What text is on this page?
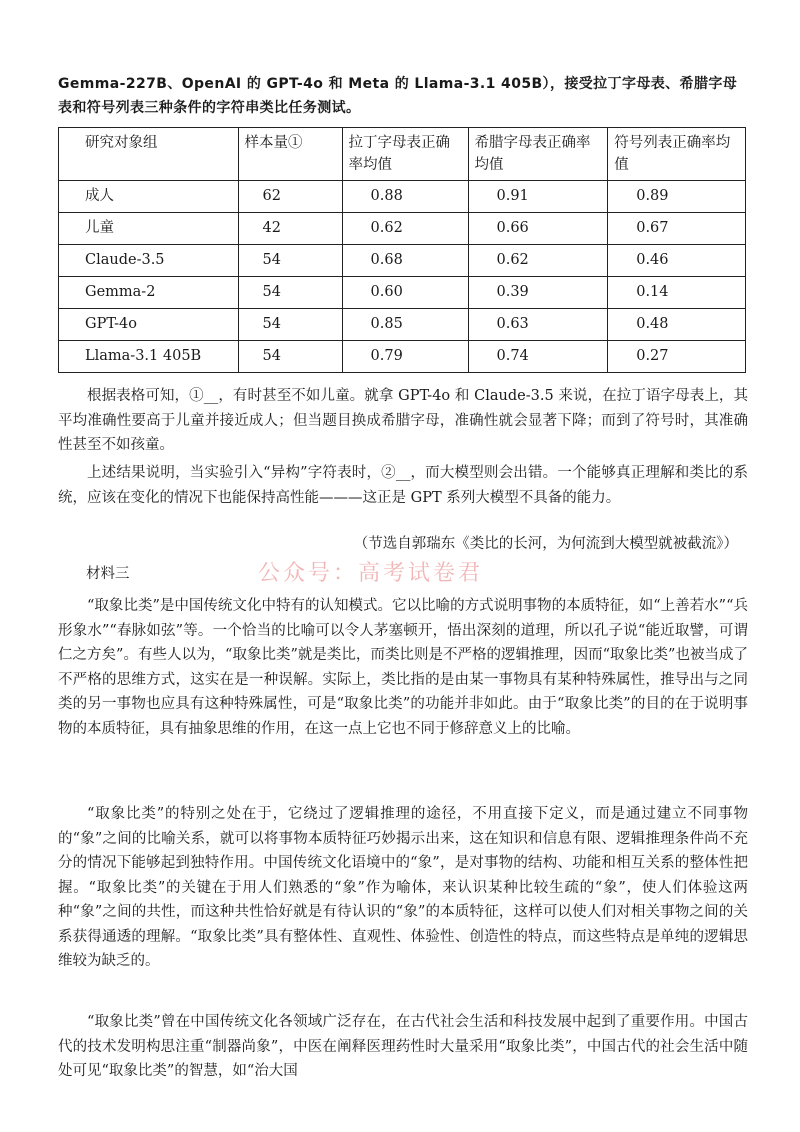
Gemma-227B、OpenAI 的 GPT-4o 和 Meta 的 Llama-3.1 405B），接受拉丁字母表、希腊字母表和符号列表三种条件的字符串类比任务测试。

研究对象组	样本量①	拉丁字母表正确率均值	希腊字母表正确率均值	符号列表正确率均值
成人	62	0.88	0.91	0.89
儿童	42	0.62	0.66	0.67
Claude-3.5	54	0.68	0.62	0.46
Gemma-2	54	0.60	0.39	0.14
GPT-4o	54	0.85	0.63	0.48
Llama-3.1 405B	54	0.79	0.74	0.27

根据表格可知，①__，有时甚至不如儿童。就拿 GPT-4o 和 Claude-3.5 来说，在拉丁语字母表上，其平均准确性要高于儿童并接近成人；但当题目换成希腊字母，准确性就会显著下降；而到了符号时，其准确性甚至不如孩童。

上述结果说明，当实验引入“异构”字符表时，②__，而大模型则会出错。一个能够真正理解和类比的系统，应该在变化的情况下也能保持高性能———这正是 GPT 系列大模型不具备的能力。

（节选自郭瑞东《类比的长河，为何流到大模型就被截流》）

公众号：高考试卷君

材料三

“取象比类”是中国传统文化中特有的认知模式。它以比喻的方式说明事物的本质特征，如“上善若水”“兵形象水”“春脉如弦”等。一个恰当的比喻可以令人茅塞顿开，悟出深刻的道理，所以孔子说“能近取譬，可谓仁之方矣”。有些人以为，“取象比类”就是类比，而类比则是不严格的逻辑推理，因而“取象比类”也被当成了不严格的思维方式，这实在是一种误解。实际上，类比指的是由某一事物具有某种特殊属性，推导出与之同类的另一事物也应具有这种特殊属性，可是“取象比类”的功能并非如此。由于“取象比类”的目的在于说明事物的本质特征，具有抽象思维的作用，在这一点上它也不同于修辞意义上的比喻。

“取象比类”的特别之处在于，它绕过了逻辑推理的途径，不用直接下定义，而是通过建立不同事物的“象”之间的比喻关系，就可以将事物本质特征巧妙揭示出来，这在知识和信息有限、逻辑推理条件尚不充分的情况下能够起到独特作用。中国传统文化语境中的“象”，是对事物的结构、功能和相互关系的整体性把握。“取象比类”的关键在于用人们熟悉的“象”作为喻体，来认识某种比较生疏的“象”，使人们体验这两种“象”之间的共性，而这种共性恰好就是有待认识的“象”的本质特征，这样可以使人们对相关事物之间的关系获得通透的理解。“取象比类”具有整体性、直观性、体验性、创造性的特点，而这些特点是单纯的逻辑思维较为缺乏的。

“取象比类”曾在中国传统文化各领域广泛存在，在古代社会生活和科技发展中起到了重要作用。中国古代的技术发明构思注重“制器尚象”，中医在阐释医理药性时大量采用“取象比类”，中国古代的社会生活中随处可见“取象比类”的智慧，如“治大国
